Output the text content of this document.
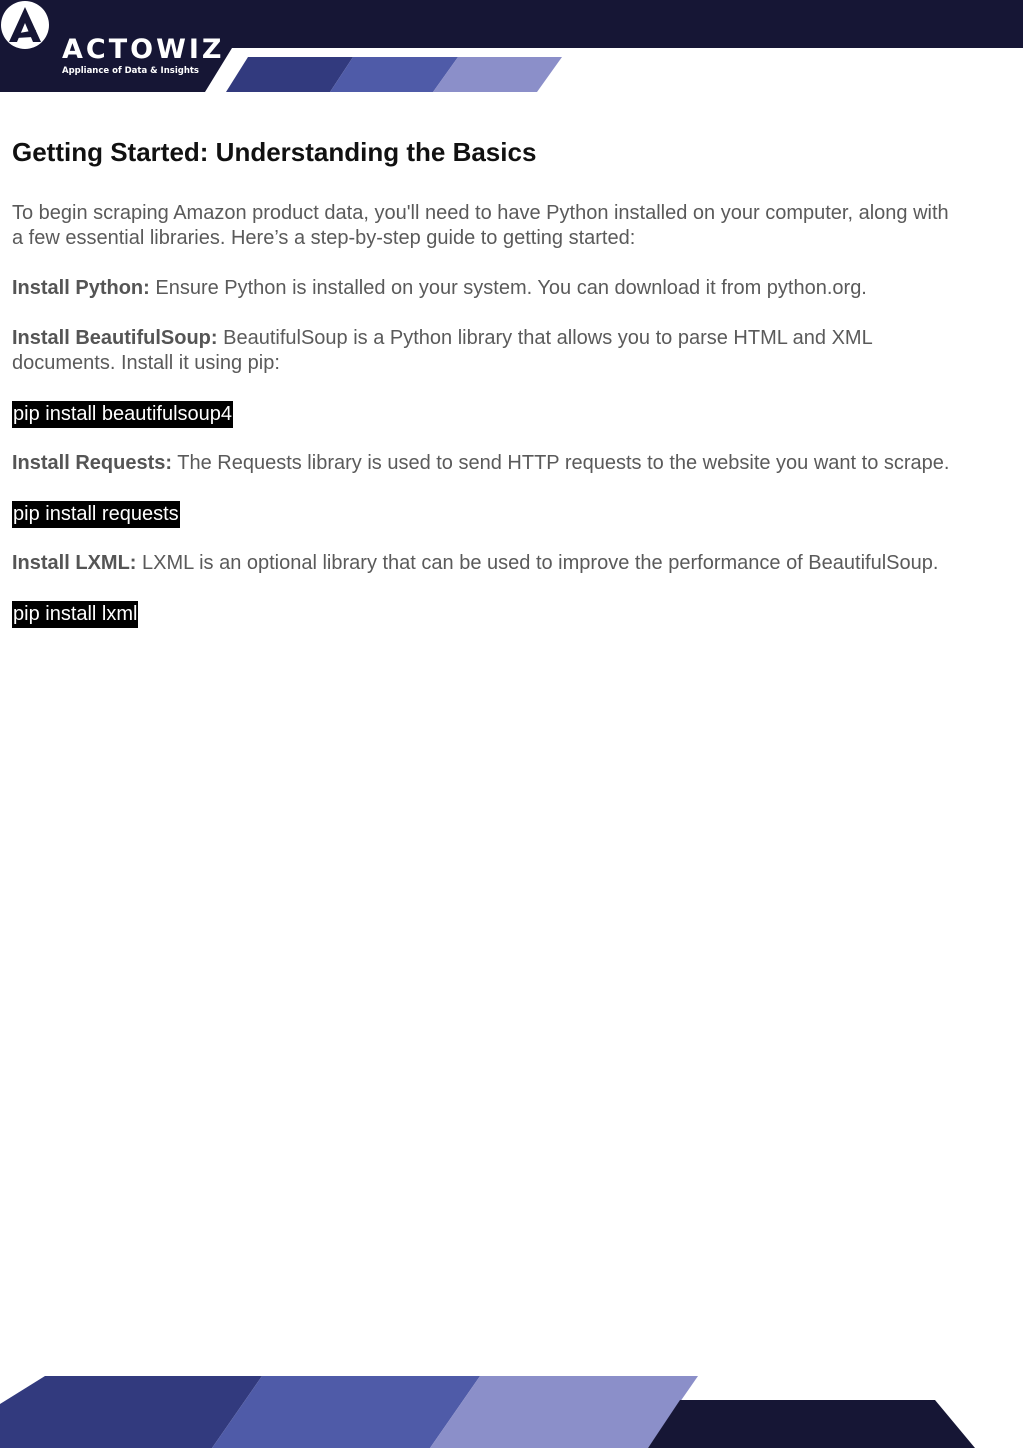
ACTOWIZ
Appliance of Data & Insights
Getting Started: Understanding the Basics

To begin scraping Amazon product data, you'll need to have Python installed on your computer, along with a few essential libraries. Here’s a step-by-step guide to getting started:

Install Python: Ensure Python is installed on your system. You can download it from python.org.

Install BeautifulSoup: BeautifulSoup is a Python library that allows you to parse HTML and XML documents. Install it using pip:

pip install beautifulsoup4

Install Requests: The Requests library is used to send HTTP requests to the website you want to scrape.

pip install requests

Install LXML: LXML is an optional library that can be used to improve the performance of BeautifulSoup.

pip install lxml
